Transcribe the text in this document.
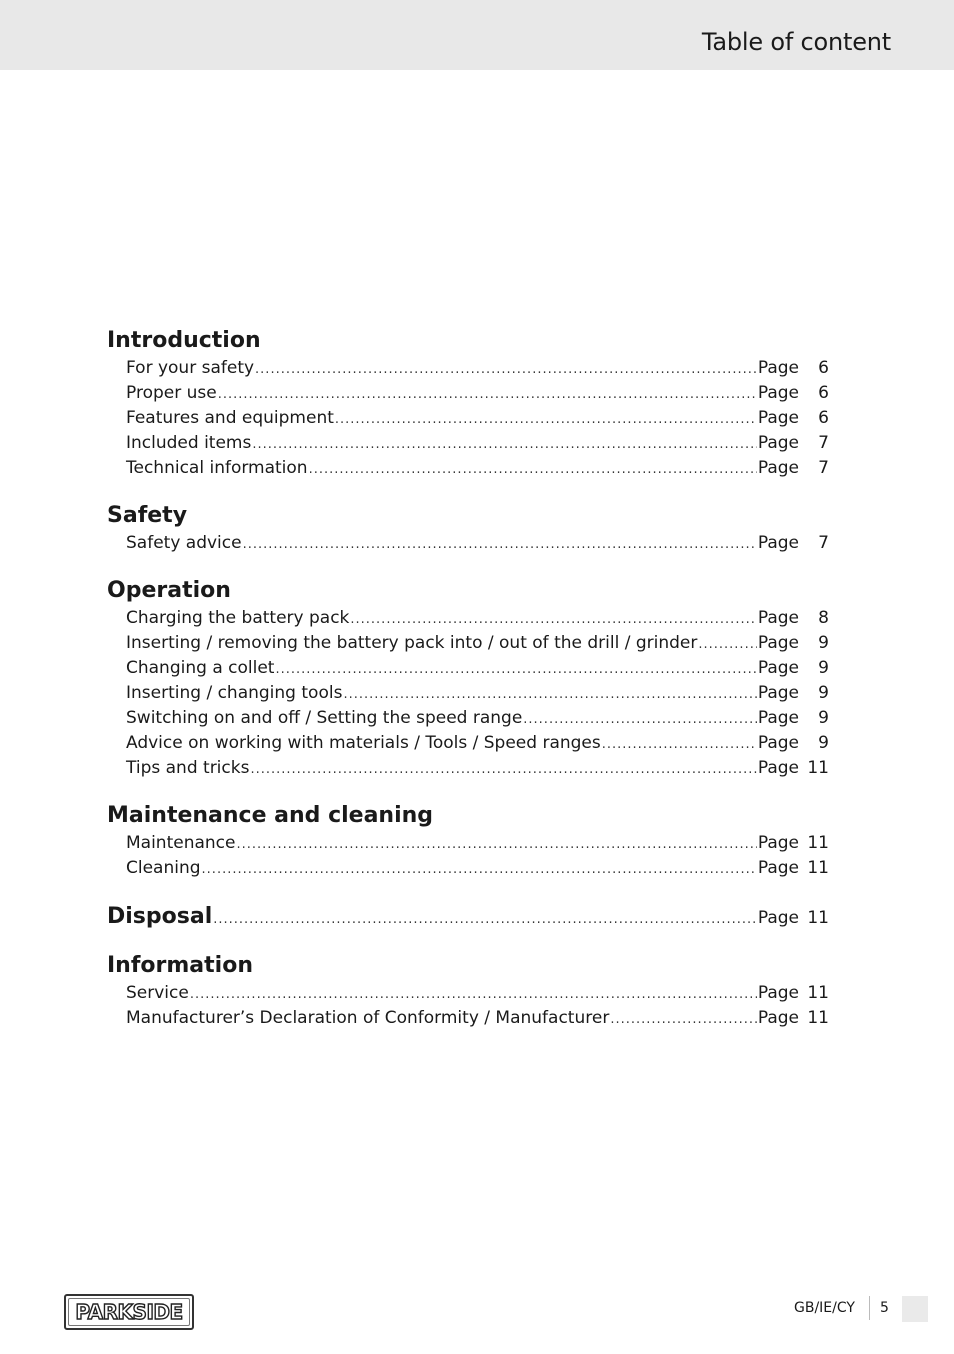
Table of content
Introduction
For your safety .....	Page	6
Proper use .....	Page	6
Features and equipment .....	Page	6
Included items .....	Page	7
Technical information .....	Page	7
Safety
Safety advice .....	Page	7
Operation
Charging the battery pack .....	Page	8
Inserting / removing the battery pack into / out of the drill / grinder .....	Page	9
Changing a collet .....	Page	9
Inserting / changing tools .....	Page	9
Switching on and off / Setting the speed range .....	Page	9
Advice on working with materials / Tools / Speed ranges .....	Page	9
Tips and tricks .....	Page 11
Maintenance and cleaning
Maintenance .....	Page 11
Cleaning .....	Page 11
Disposal .....	Page 11
Information
Service .....	Page 11
Manufacturer’s Declaration of Conformity / Manufacturer .....	Page 11
PARKSIDE	GB/IE/CY 5
